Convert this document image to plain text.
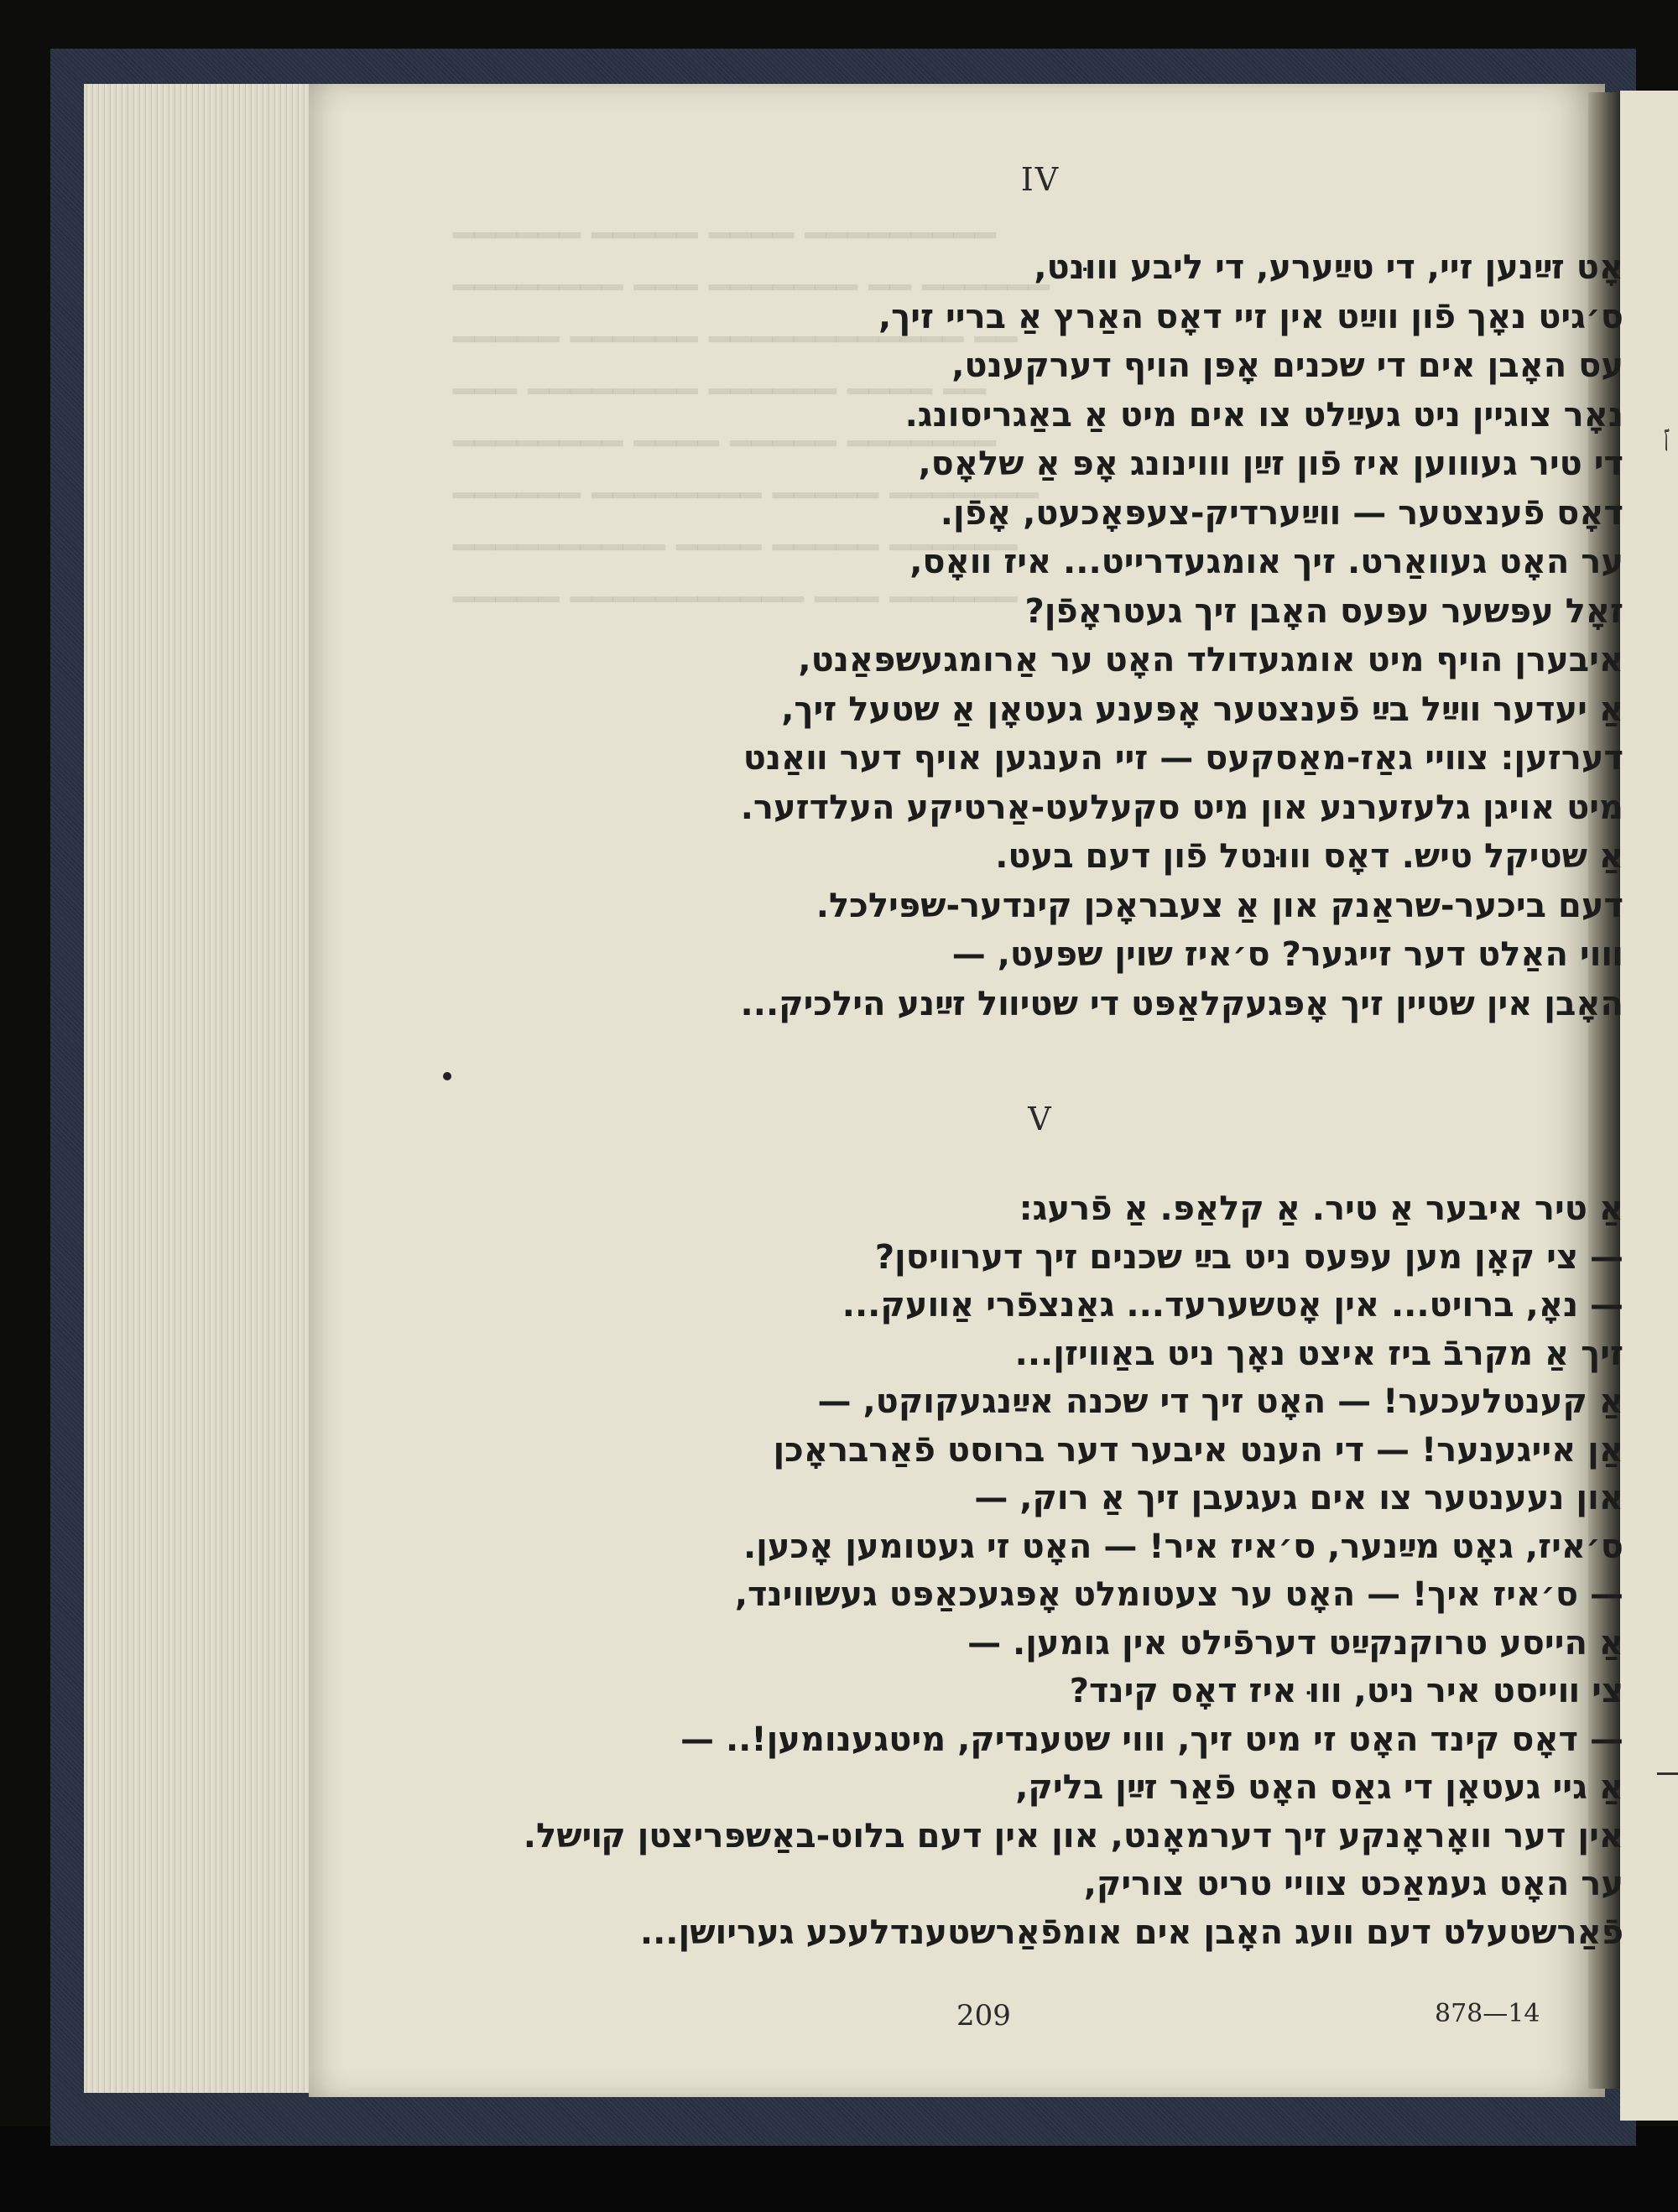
ן

━━━━━━ ━━━━━ ━━━━ ━━━━━━━━━
━━━━━━━━ ━━━ ━━━━━━━ ━━ ━━━━━━
━━━━━ ━━━━━━ ━━━━━━━━━━━━ ━━
━━━ ━━━━━━━━ ━━━━━━ ━━━━ ━━
━━━━━━━━ ━━━━ ━━━━━ ━━━━━━━
━━━━━━ ━━━━━━━━ ━━━━━ ━━━━━━━
━━━━━━━━━━ ━━━━ ━━━━━ ━━━━━━
━━━━━ ━━━━━━━━━━━ ━━━ ━━━━━━

IV
אָט זײַנען זיי, די טײַערע, די ליבע װוּנט,
ס׳גיט נאָך פֿון װײַט אין זיי דאָס האַרץ אַ בריי זיך,
עס האָבן אים די שכנים אָפּן הויף דערקענט,
נאָר צוגיין ניט געײַלט צו אים מיט אַ באַגריסונג.
די טיר געװוען איז פֿון זײַן װוינונג אָפּ אַ שלאָס,
דאָס פֿענצטער — װײַערדיק-צעפּאָכעט, אָפֿן.
ער האָט געװאַרט. זיך אומגעדרייט... איז װאָס,
זאָל עפּשער עפּעס האָבן זיך געטראָפֿן?
איבערן הויף מיט אומגעדולד האָט ער אַרומגעשפּאַנט,
אַ יעדער װײַל בײַ פֿענצטער אָפּענע געטאָן אַ שטעל זיך,
דערזען: צװיי גאַז-מאַסקעס — זיי הענגען אויף דער װאַנט
מיט אויגן גלעזערנע און מיט סקעלעט-אַרטיקע העלדזער.
אַ שטיקל טיש. דאָס װוּנטל פֿון דעם בעט.
דעם ביכער-שראַנק און אַ צעבראָכן קינדער-שפּילכל.
װוי האַלט דער זייגער? ס׳איז שוין שפּעט, —
האָבן אין שטיין זיך אָפּגעקלאַפּט די שטיװל זײַנע הילכיק...
V
אַ טיר איבער אַ טיר. אַ קלאַפּ. אַ פֿרעג:
— צי קאָן מען עפּעס ניט בײַ שכנים זיך דערװיסן?
— נאָ, ברויט... אין אָטשערעד... גאַנצפֿרי אַװעק...
זיך אַ מקרבֿ ביז איצט נאָך ניט באַװיזן...
אַ קענטלעכער! — האָט זיך די שכנה אײַנגעקוקט, —
אַן אייגענער! — די הענט איבער דער ברוסט פֿאַרבראָכן
און נעענטער צו אים געגעבן זיך אַ רוק, —
ס׳איז, גאָט מײַנער, ס׳איז איר! — האָט זי געטומען אָכען.
— ס׳איז איך! — האָט ער צעטומלט אָפּגעכאַפּט געשװינד,
אַ הייסע טרוקנקײַט דערפֿילט אין גומען. —
צי װייסט איר ניט, װוּ איז דאָס קינד?
— דאָס קינד האָט זי מיט זיך, װוי שטענדיק, מיטגענומען!.. —
אַ גיי געטאָן די גאַס האָט פֿאַר זײַן בליק,
אין דער װאָראָנקע זיך דערמאָנט, און אין דעם בלוט-באַשפּריצטן קױשל.
ער האָט געמאַכט צװיי טריט צוריק,
פֿאַרשטעלט דעם װעג האָבן אים אומפֿאַרשטענדלעכע געריושן...
209	878—14
